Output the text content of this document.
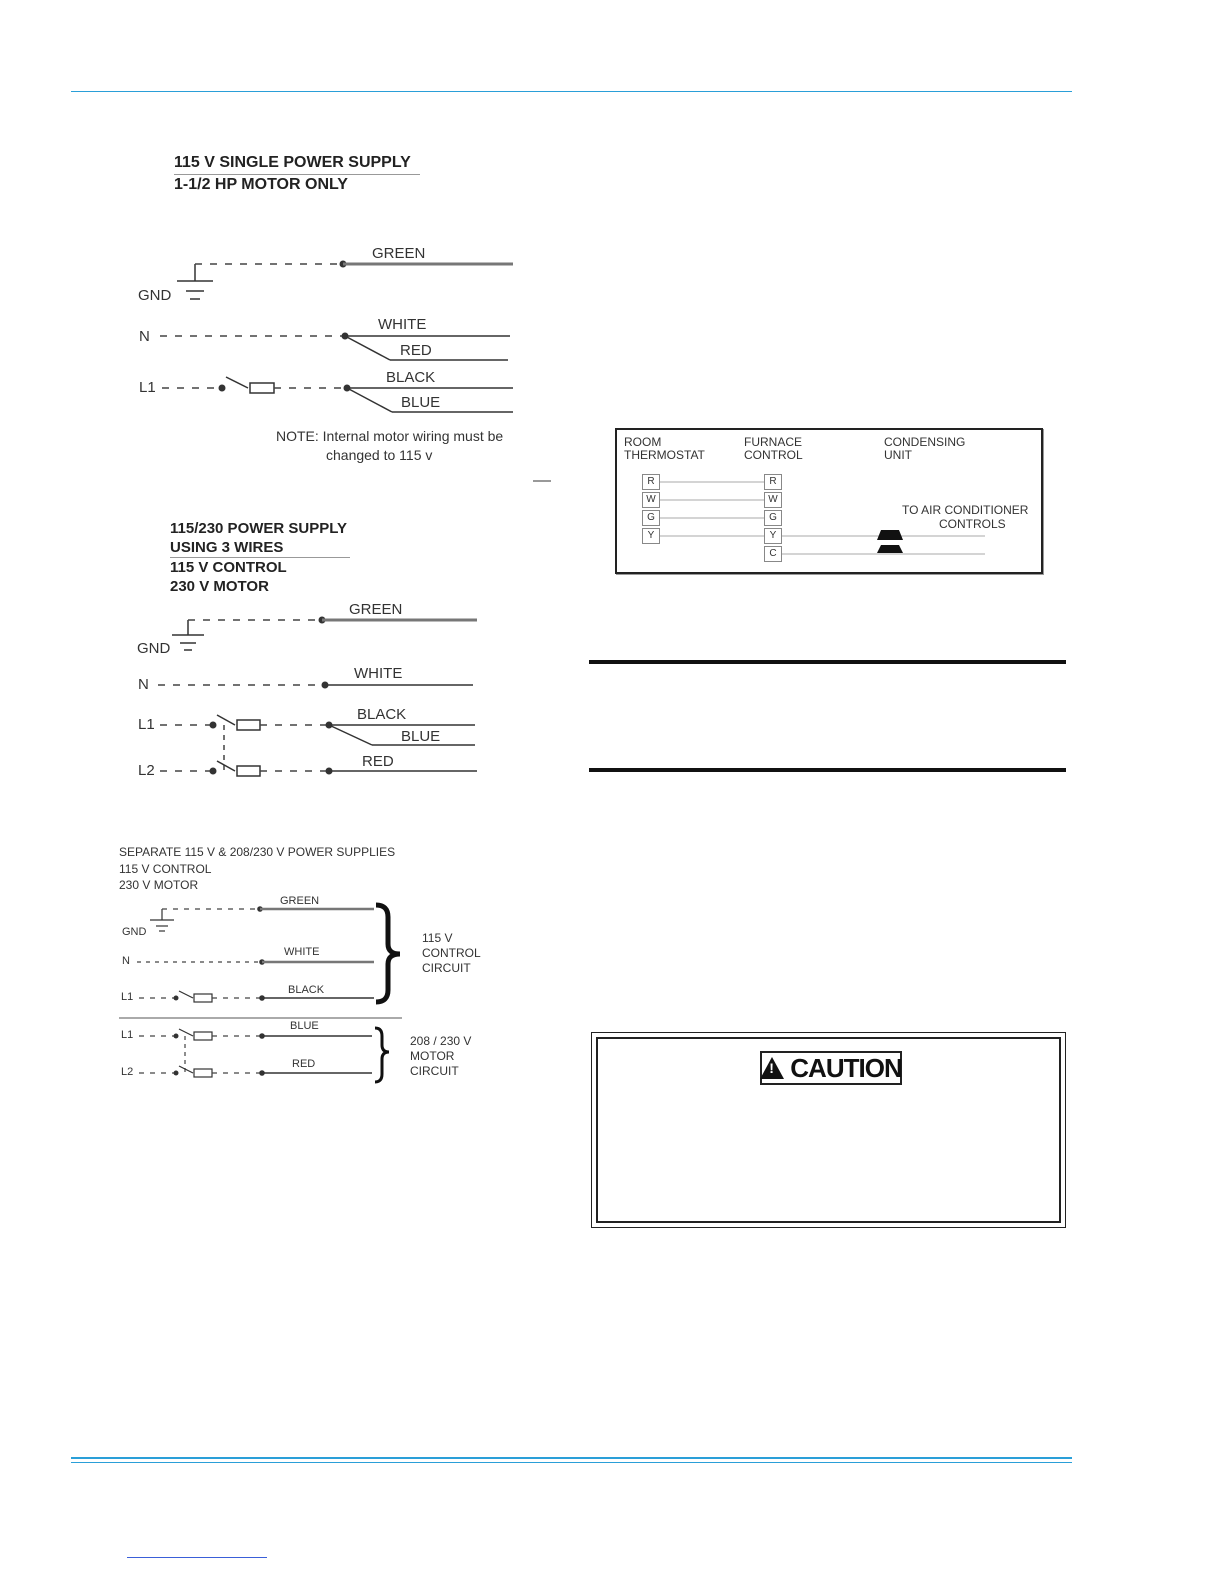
115 V SINGLE POWER SUPPLY
1-1/2 HP MOTOR ONLY
GND
N
L1
GREEN
WHITE
RED
BLACK
BLUE
NOTE: Internal motor wiring must be
changed to 115 v
115/230 POWER SUPPLY
USING 3 WIRES
115 V CONTROL
230 V MOTOR
GND
N
L1
L2
GREEN
WHITE
BLACK
BLUE
RED
SEPARATE 115 V & 208/230 V POWER SUPPLIES
115 V CONTROL
230 V MOTOR
GND
N
L1
L1
L2
GREEN
WHITE
BLACK
BLUE
RED
115 V
CONTROL
CIRCUIT
208 / 230 V
MOTOR
CIRCUIT
ROOM
THERMOSTAT
FURNACE
CONTROL
CONDENSING
UNIT
TO AIR CONDITIONER
CONTROLS
R
W
G
Y
R
W
G
Y
C
!
CAUTION
